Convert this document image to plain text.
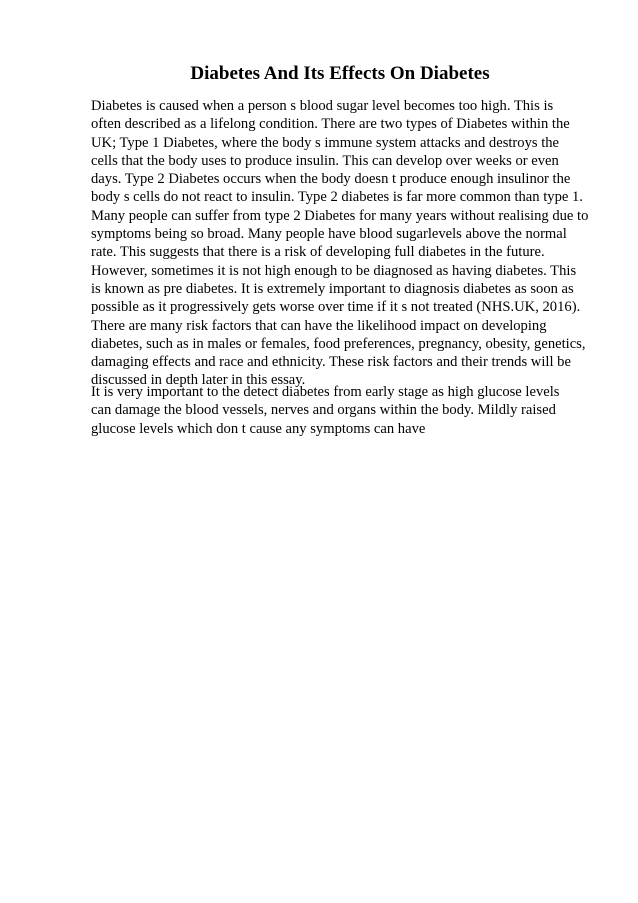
Diabetes And Its Effects On Diabetes
Diabetes is caused when a person s blood sugar level becomes too high. This is
often described as a lifelong condition. There are two types of Diabetes within the
UK; Type 1 Diabetes, where the body s immune system attacks and destroys the
cells that the body uses to produce insulin. This can develop over weeks or even
days. Type 2 Diabetes occurs when the body doesn t produce enough insulinor the
body s cells do not react to insulin. Type 2 diabetes is far more common than type 1.
Many people can suffer from type 2 Diabetes for many years without realising due to
symptoms being so broad. Many people have blood sugarlevels above the normal
rate. This suggests that there is a risk of developing full diabetes in the future.
However, sometimes it is not high enough to be diagnosed as having diabetes. This
is known as pre diabetes. It is extremely important to diagnosis diabetes as soon as
possible as it progressively gets worse over time if it s not treated (NHS.UK, 2016).
There are many risk factors that can have the likelihood impact on developing
diabetes, such as in males or females, food preferences, pregnancy, obesity, genetics,
damaging effects and race and ethnicity. These risk factors and their trends will be
discussed in depth later in this essay.
It is very important to the detect diabetes from early stage as high glucose levels
can damage the blood vessels, nerves and organs within the body. Mildly raised
glucose levels which don t cause any symptoms can have
